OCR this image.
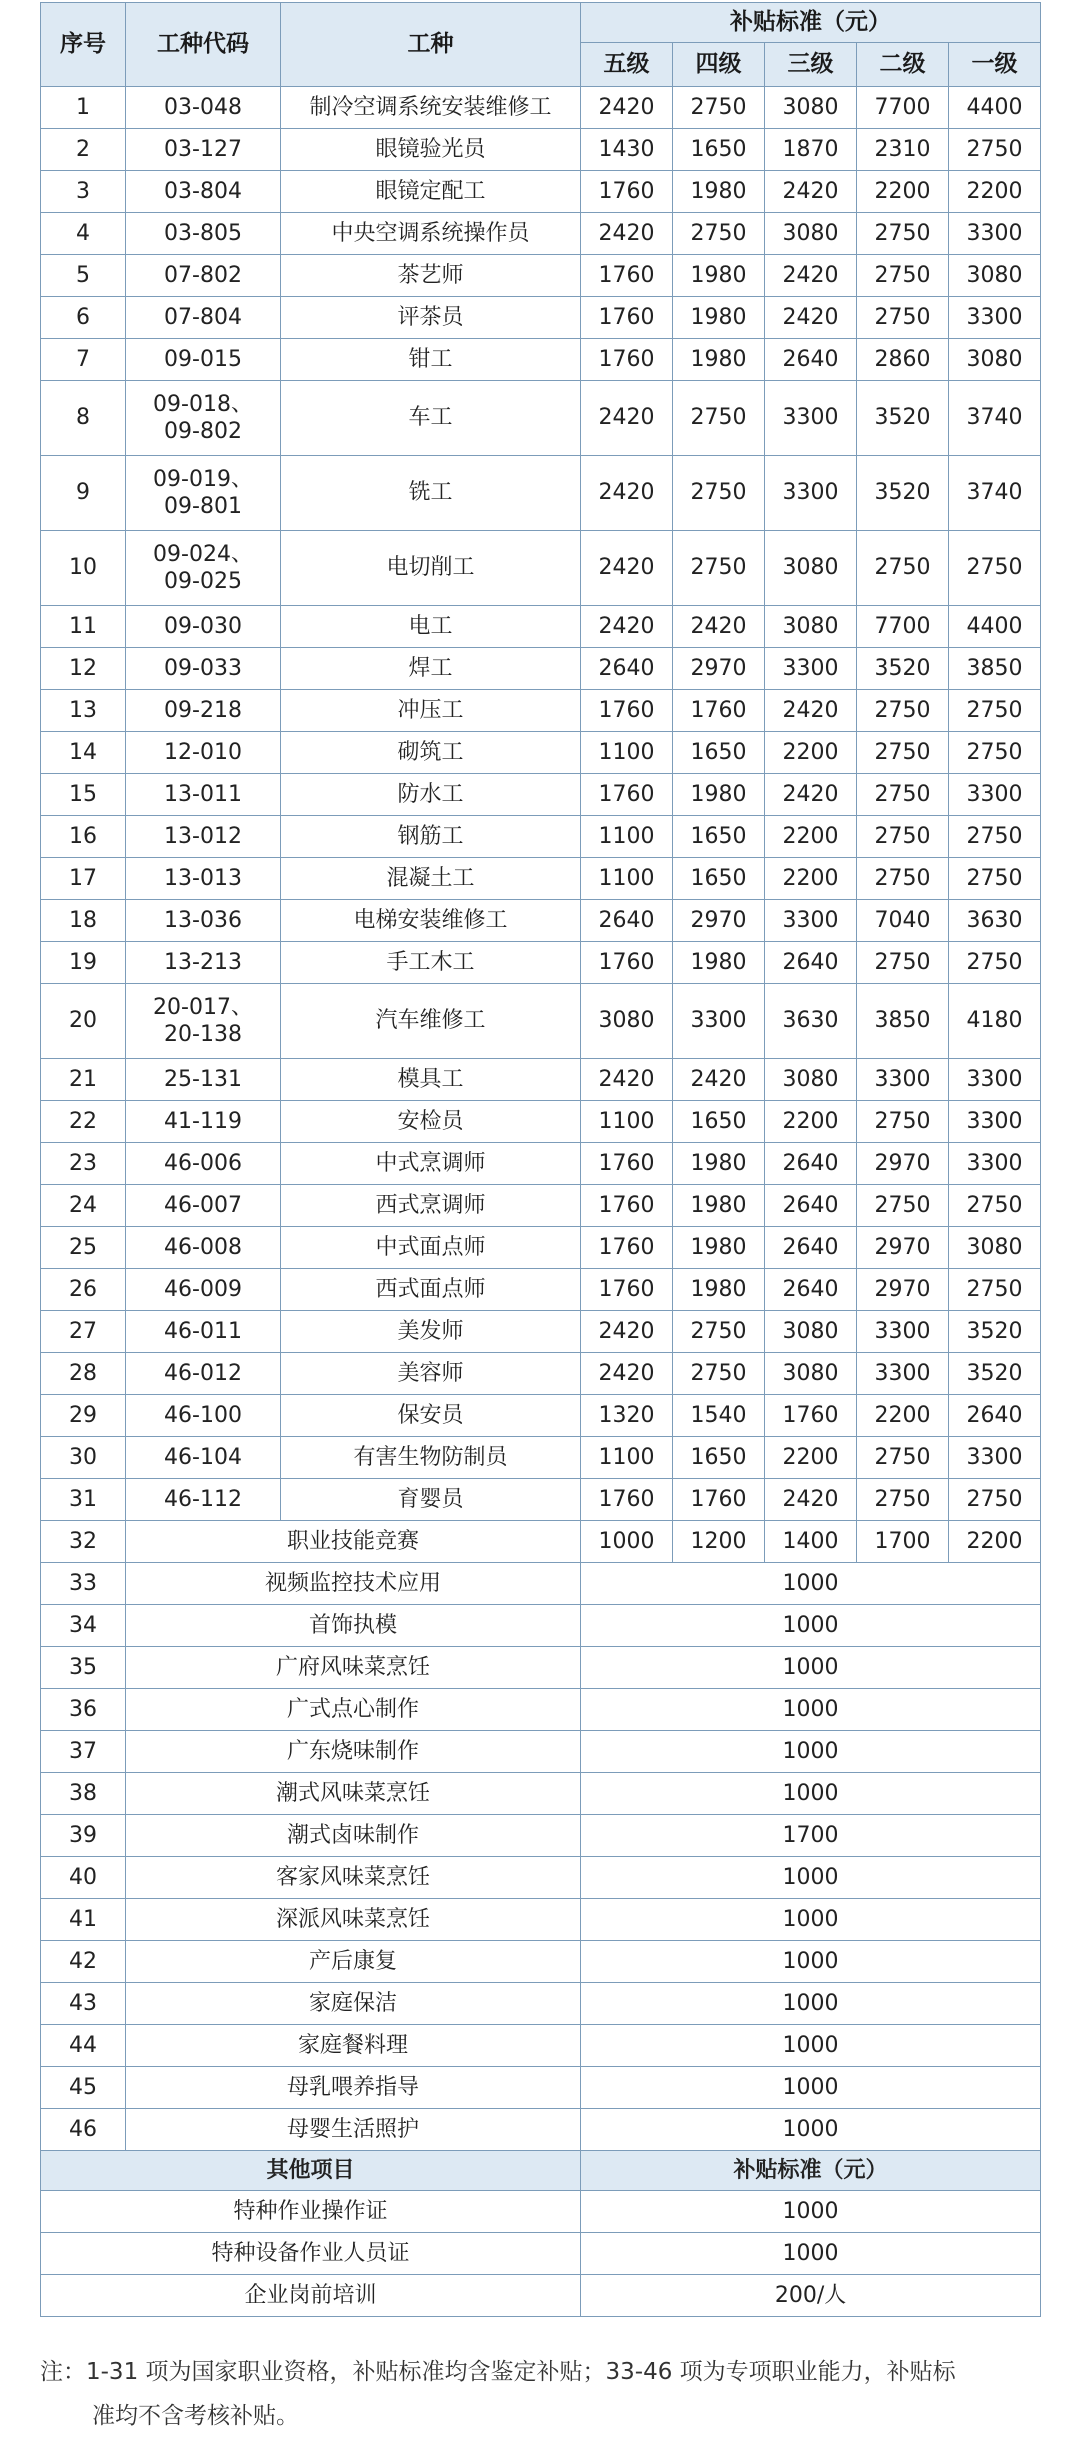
序号	工种代码	工种	补贴标准（元）				
			五级	四级	三级	二级	一级
1	03-048	制冷空调系统安装维修工	2420	2750	3080	7700	4400
2	03-127	眼镜验光员	1430	1650	1870	2310	2750
3	03-804	眼镜定配工	1760	1980	2420	2200	2200
4	03-805	中央空调系统操作员	2420	2750	3080	2750	3300
5	07-802	茶艺师	1760	1980	2420	2750	3080
6	07-804	评茶员	1760	1980	2420	2750	3300
7	09-015	钳工	1760	1980	2640	2860	3080
8	09-018、
09-802	车工	2420	2750	3300	3520	3740
9	09-019、
09-801	铣工	2420	2750	3300	3520	3740
10	09-024、
09-025	电切削工	2420	2750	3080	2750	2750
11	09-030	电工	2420	2420	3080	7700	4400
12	09-033	焊工	2640	2970	3300	3520	3850
13	09-218	冲压工	1760	1760	2420	2750	2750
14	12-010	砌筑工	1100	1650	2200	2750	2750
15	13-011	防水工	1760	1980	2420	2750	3300
16	13-012	钢筋工	1100	1650	2200	2750	2750
17	13-013	混凝土工	1100	1650	2200	2750	2750
18	13-036	电梯安装维修工	2640	2970	3300	7040	3630
19	13-213	手工木工	1760	1980	2640	2750	2750
20	20-017、
20-138	汽车维修工	3080	3300	3630	3850	4180
21	25-131	模具工	2420	2420	3080	3300	3300
22	41-119	安检员	1100	1650	2200	2750	3300
23	46-006	中式烹调师	1760	1980	2640	2970	3300
24	46-007	西式烹调师	1760	1980	2640	2750	2750
25	46-008	中式面点师	1760	1980	2640	2970	3080
26	46-009	西式面点师	1760	1980	2640	2970	2750
27	46-011	美发师	2420	2750	3080	3300	3520
28	46-012	美容师	2420	2750	3080	3300	3520
29	46-100	保安员	1320	1540	1760	2200	2640
30	46-104	有害生物防制员	1100	1650	2200	2750	3300
31	46-112	育婴员	1760	1760	2420	2750	2750
32	职业技能竞赛		1000	1200	1400	1700	2200
33	视频监控技术应用		1000				
34	首饰执模		1000				
35	广府风味菜烹饪		1000				
36	广式点心制作		1000				
37	广东烧味制作		1000				
38	潮式风味菜烹饪		1000				
39	潮式卤味制作		1700				
40	客家风味菜烹饪		1000				
41	深派风味菜烹饪		1000				
42	产后康复		1000				
43	家庭保洁		1000				
44	家庭餐料理		1000				
45	母乳喂养指导		1000				
46	母婴生活照护		1000				
其他项目			补贴标准（元）				
特种作业操作证			1000				
特种设备作业人员证			1000				
企业岗前培训			200/人				
注：1-31 项为国家职业资格，补贴标准均含鉴定补贴；33-46 项为专项职业能力，补贴标
准均不含考核补贴。
